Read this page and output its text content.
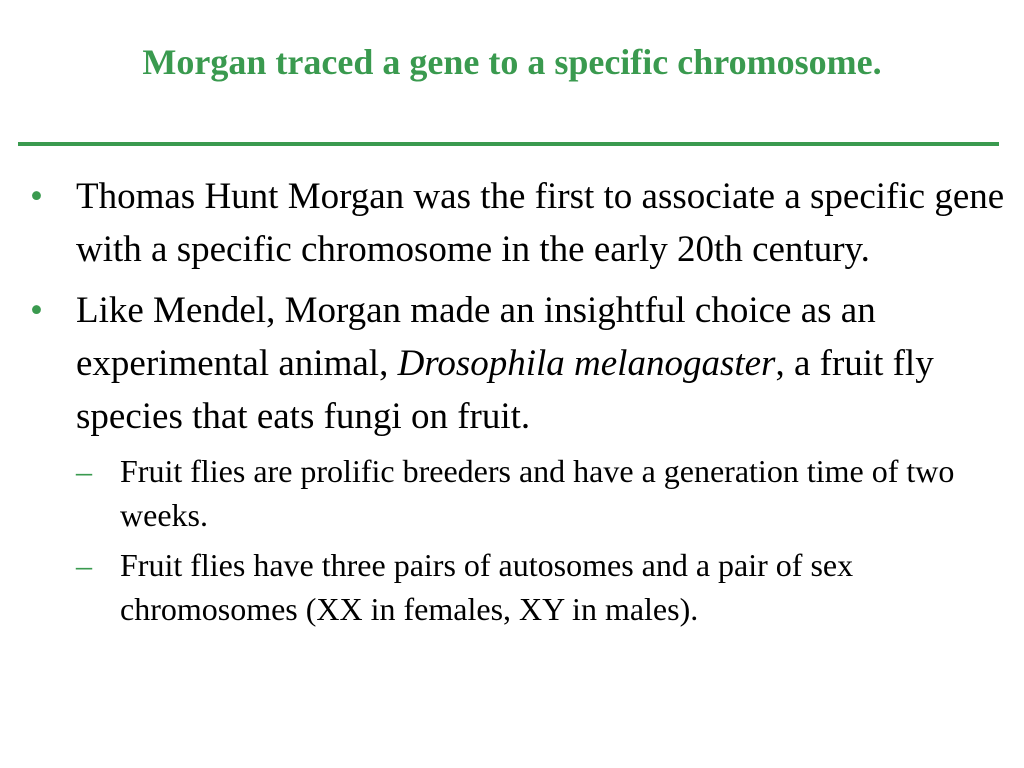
Morgan traced a gene to a specific chromosome.
• Thomas Hunt Morgan was the first to associate a specific gene with a specific chromosome in the early 20th century.
• Like Mendel, Morgan made an insightful choice as an experimental animal, Drosophila melanogaster, a fruit fly species that eats fungi on fruit.
– Fruit flies are prolific breeders and have a generation time of two weeks.
– Fruit flies have three pairs of autosomes and a pair of sex chromosomes (XX in females, XY in males).
